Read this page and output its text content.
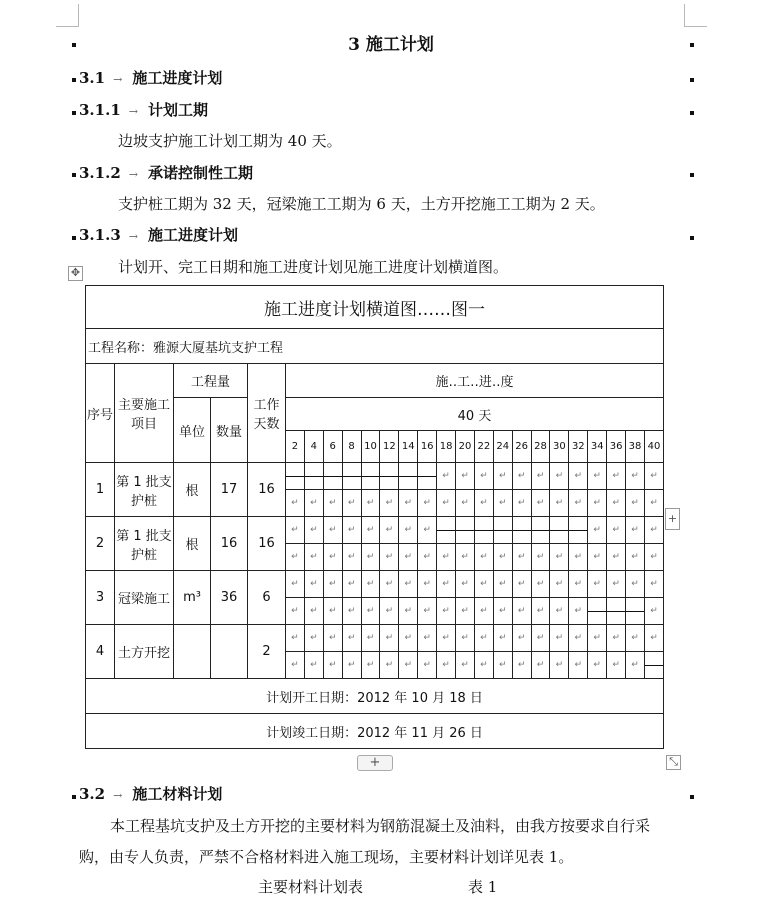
3 施工计划
3.1 → 施工进度计划
3.1.1 → 计划工期
边坡支护施工计划工期为 40 天。
3.1.2 → 承诺控制性工期
支护桩工期为 32 天，冠梁施工工期为 6 天，土方开挖施工工期为 2 天。
3.1.3 → 施工进度计划
计划开、完工日期和施工进度计划见施工进度计划横道图。
✥
施工进度计划横道图‥‥‥图一																								
工程名称：雅源大厦基坑支护工程																								
序号	主要施工项目	工程量		工作天数	施‥工‥进‥度																			
		单位	数量		40 天																			
					2	4	6	8	10	12	14	16	18	20	22	24	26	28	30	32	34	36	38	40
1	第 1 批支护桩	根	17	16									↵	↵	↵	↵	↵	↵	↵	↵	↵	↵	↵	↵
					↵	↵	↵	↵	↵	↵	↵	↵	↵	↵	↵	↵	↵	↵	↵	↵	↵	↵	↵	↵
2	第 1 批支护桩	根	16	16	↵	↵	↵	↵	↵	↵	↵	↵									↵	↵	↵	↵
					↵	↵	↵	↵	↵	↵	↵	↵	↵	↵	↵	↵	↵	↵	↵	↵	↵	↵	↵	↵
3	冠梁施工	m³	36	6	↵	↵	↵	↵	↵	↵	↵	↵	↵	↵	↵	↵	↵	↵	↵	↵	↵	↵	↵	↵
					↵	↵	↵	↵	↵	↵	↵	↵	↵	↵	↵	↵	↵	↵	↵	↵				↵
4	土方开挖			2	↵	↵	↵	↵	↵	↵	↵	↵	↵	↵	↵	↵	↵	↵	↵	↵	↵	↵	↵	↵
					↵	↵	↵	↵	↵	↵	↵	↵	↵	↵	↵	↵	↵	↵	↵	↵	↵	↵	↵	

计划开工日期：2012 年 10 月 18 日																								
计划竣工日期：2012 年 11 月 26 日																								
+
+	⤡
3.2 → 施工材料计划
本工程基坑支护及土方开挖的主要材料为钢筋混凝土及油料，由我方按要求自行采
购，由专人负责，严禁不合格材料进入施工现场，主要材料计划详见表 1。
主要材料计划表　　　　　　　表 1
